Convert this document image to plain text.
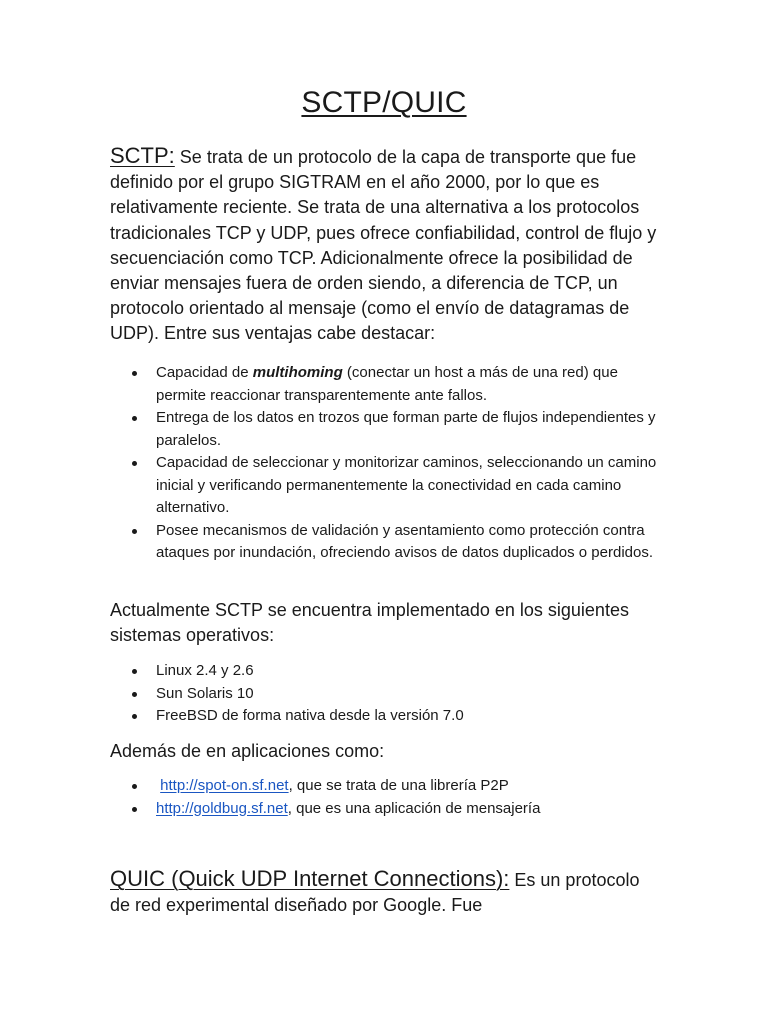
SCTP/QUIC

SCTP: Se trata de un protocolo de la capa de transporte que fue definido por el grupo SIGTRAM en el año 2000, por lo que es relativamente reciente. Se trata de una alternativa a los protocolos tradicionales TCP y UDP, pues ofrece confiabilidad, control de flujo y secuenciación como TCP. Adicionalmente ofrece la posibilidad de enviar mensajes fuera de orden siendo, a diferencia de TCP, un protocolo orientado al mensaje (como el envío de datagramas de UDP). Entre sus ventajas cabe destacar:

Capacidad de multihoming (conectar un host a más de una red) que permite reaccionar transparentemente ante fallos.
Entrega de los datos en trozos que forman parte de flujos independientes y paralelos.
Capacidad de seleccionar y monitorizar caminos, seleccionando un camino inicial y verificando permanentemente la conectividad en cada camino alternativo.
Posee mecanismos de validación y asentamiento como protección contra ataques por inundación, ofreciendo avisos de datos duplicados o perdidos.

Actualmente SCTP se encuentra implementado en los siguientes sistemas operativos:

Linux 2.4 y 2.6
Sun Solaris 10
FreeBSD de forma nativa desde la versión 7.0

Además de en aplicaciones como:

http://spot-on.sf.net, que se trata de una librería P2P
http://goldbug.sf.net, que es una aplicación de mensajería

QUIC (Quick UDP Internet Connections): Es un protocolo de red experimental diseñado por Google. Fue
